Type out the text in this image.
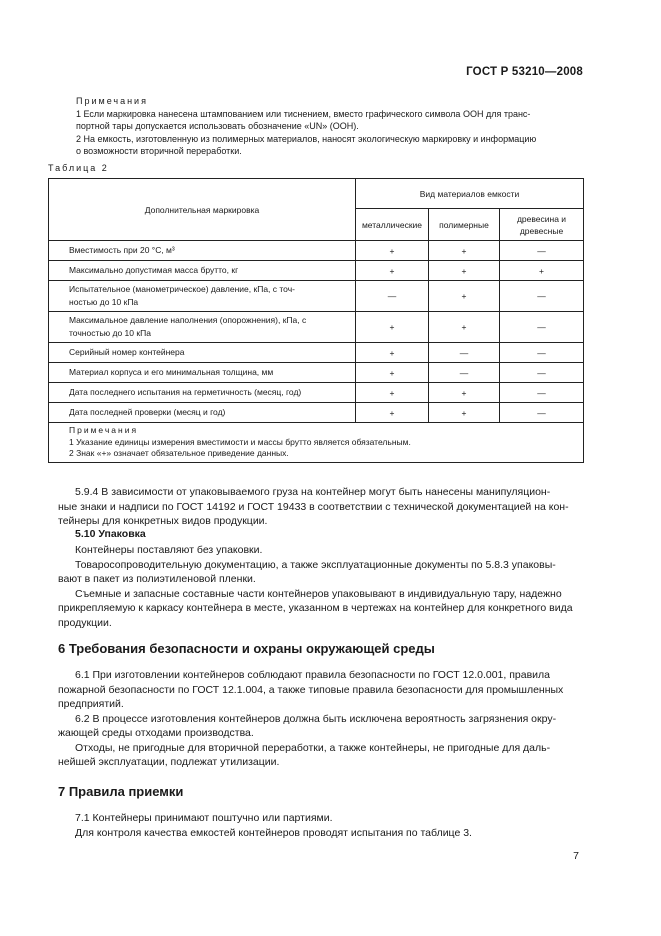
ГОСТ Р 53210—2008
Примечания
1 Если маркировка нанесена штампованием или тиснением, вместо графического символа ООН для транс-
портной тары допускается использовать обозначение «UN» (OOH).
2 На емкость, изготовленную из полимерных материалов, наносят экологическую маркировку и информацию
о возможности вторичной переработки.
Таблица 2
Дополнительная маркировка	Вид материалов емкости		
	металлические	полимерные	древесина и
древесные

Вместимость при 20 °С, м³	+	+	—
Максимально допустимая масса брутто, кг	+	+	+

Испытательное (манометрическое) давление, кПа, с точ-
ностью до 10 кПа	—	+	—

Максимальное давление наполнения (опорожнения), кПа, с
точностью до 10 кПа	+	+	—
Серийный номер контейнера	+	—	—
Материал корпуса и его минимальная толщина, мм	+	—	—
Дата последнего испытания на герметичность (месяц, год)	+	+	—
Дата последней проверки (месяц и год)	+	+	—

Примечания
1 Указание единицы измерения вместимости и массы брутто является обязательным.
2 Знак «+» означает обязательное приведение данных.			
5.9.4 В зависимости от упаковываемого груза на контейнер могут быть нанесены манипуляцион-
ные знаки и надписи по ГОСТ 14192 и ГОСТ 19433 в соответствии с технической документацией на кон-
тейнеры для конкретных видов продукции.
5.10 Упаковка
Контейнеры поставляют без упаковки.
Товаросопроводительную документацию, а также эксплуатационные документы по 5.8.3 упаковы-
вают в пакет из полиэтиленовой пленки.
Съемные и запасные составные части контейнеров упаковывают в индивидуальную тару, надежно
прикрепляемую к каркасу контейнера в месте, указанном в чертежах на контейнер для конкретного вида
продукции.
6 Требования безопасности и охраны окружающей среды
6.1 При изготовлении контейнеров соблюдают правила безопасности по ГОСТ 12.0.001, правила
пожарной безопасности по ГОСТ 12.1.004, а также типовые правила безопасности для промышленных
предприятий.
6.2 В процессе изготовления контейнеров должна быть исключена вероятность загрязнения окру-
жающей среды отходами производства.
Отходы, не пригодные для вторичной переработки, а также контейнеры, не пригодные для даль-
нейшей эксплуатации, подлежат утилизации.
7 Правила приемки
7.1 Контейнеры принимают поштучно или партиями.
Для контроля качества емкостей контейнеров проводят испытания по таблице 3.
7
